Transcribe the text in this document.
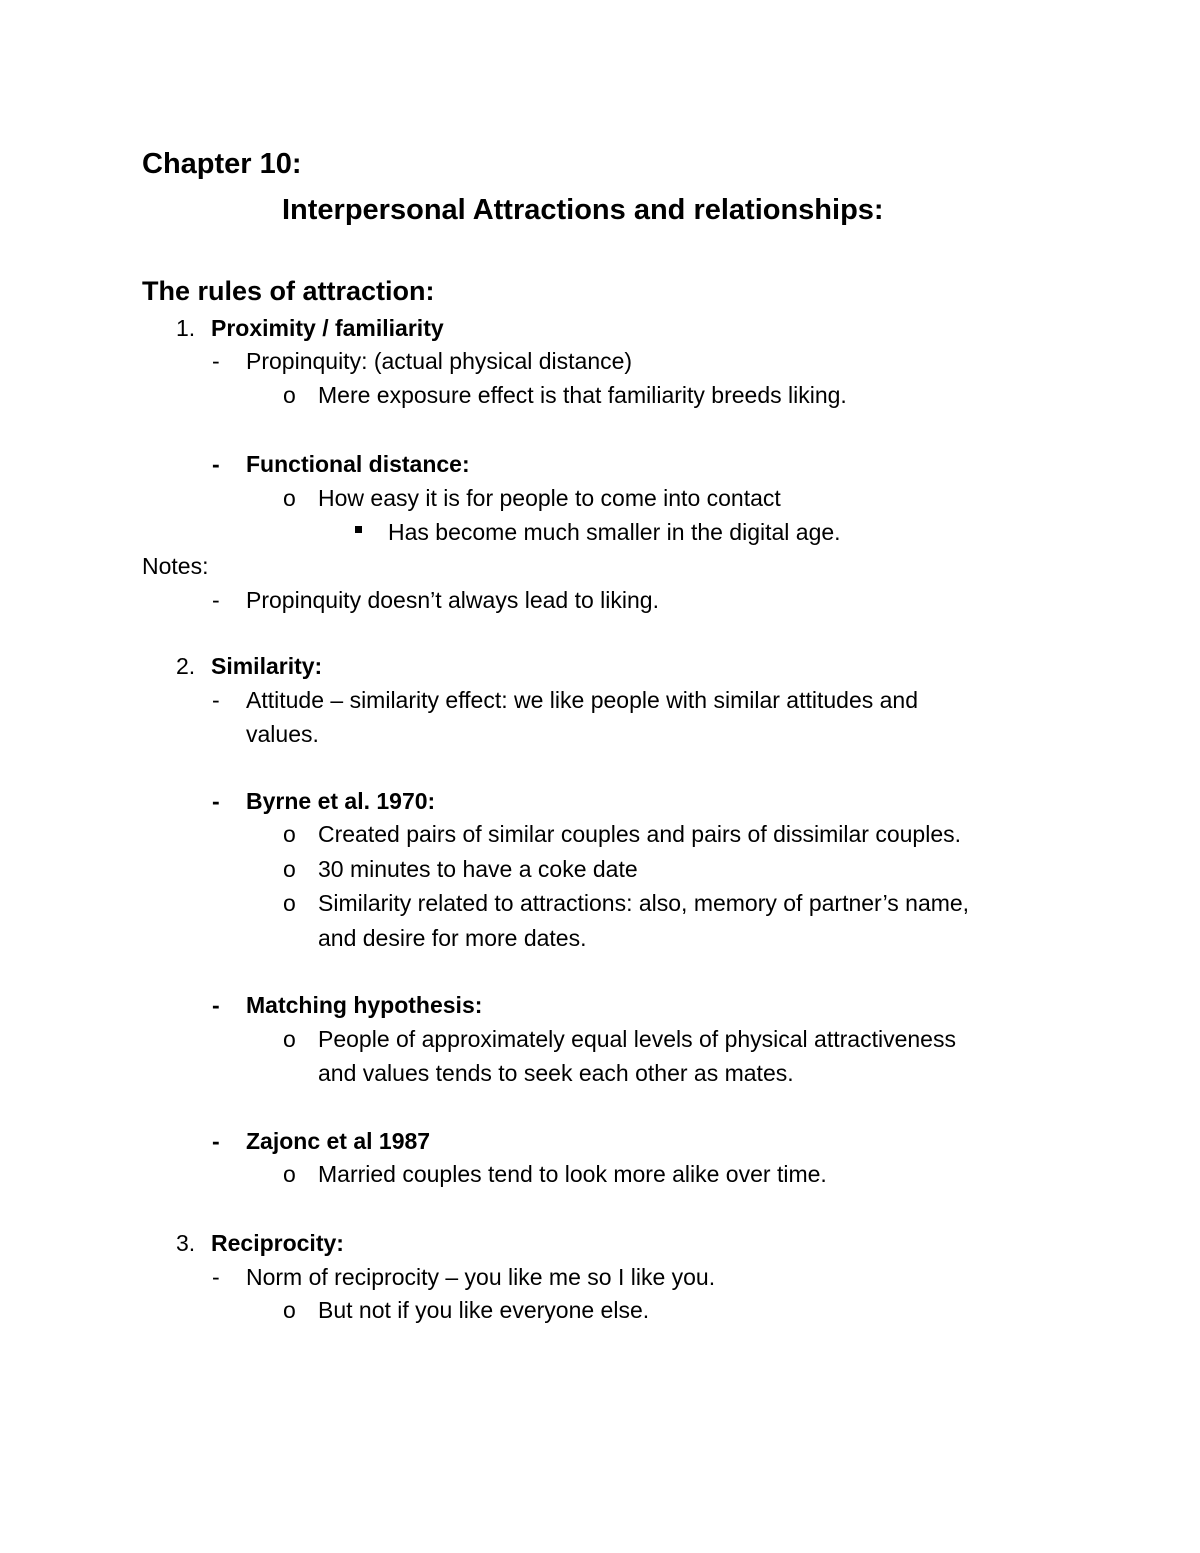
Chapter 10:
Interpersonal Attractions and relationships:
The rules of attraction:
1. Proximity / familiarity
- Propinquity: (actual physical distance)
o Mere exposure effect is that familiarity breeds liking.
- Functional distance:
o How easy it is for people to come into contact
Has become much smaller in the digital age.
Notes:
- Propinquity doesn’t always lead to liking.
2. Similarity:
- Attitude – similarity effect: we like people with similar attitudes and
values.
- Byrne et al. 1970:
o Created pairs of similar couples and pairs of dissimilar couples.
o 30 minutes to have a coke date
o Similarity related to attractions: also, memory of partner’s name,
and desire for more dates.
- Matching hypothesis:
o People of approximately equal levels of physical attractiveness
and values tends to seek each other as mates.
- Zajonc et al 1987
o Married couples tend to look more alike over time.
3. Reciprocity:
- Norm of reciprocity – you like me so I like you.
o But not if you like everyone else.
